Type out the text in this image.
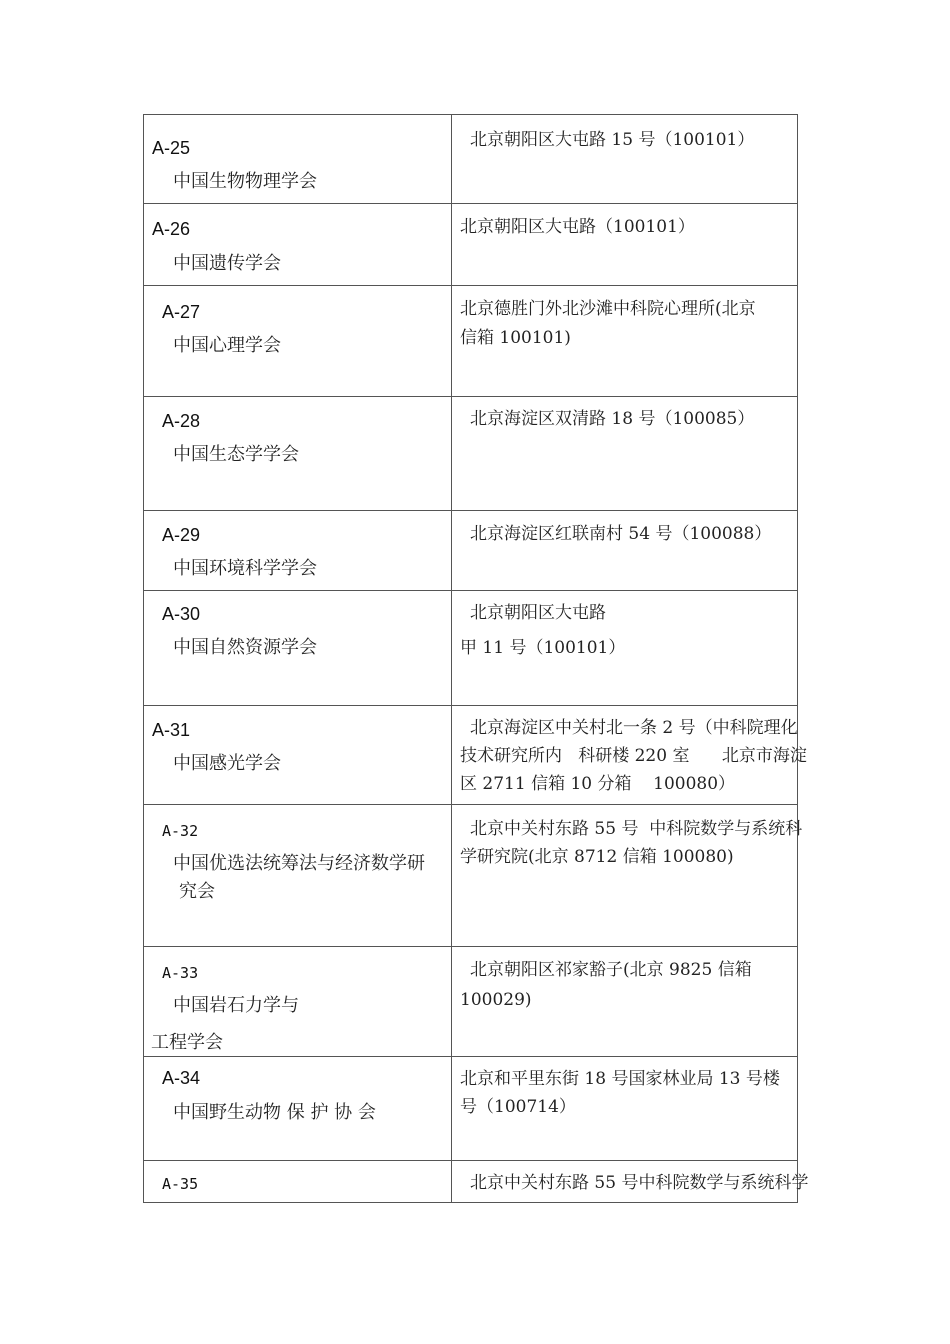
A-25
中国生物物理学会
北京朝阳区大屯路 15 号（100101）
A-26
中国遗传学会
北京朝阳区大屯路（100101）
A-27
中国心理学会
北京德胜门外北沙滩中科院心理所(北京
信箱 100101)
A-28
中国生态学学会
北京海淀区双清路 18 号（100085）
A-29
中国环境科学学会
北京海淀区红联南村 54 号（100088）
A-30
中国自然资源学会
北京朝阳区大屯路
甲 11 号（100101）
A-31
中国感光学会
北京海淀区中关村北一条 2 号（中科院理化
技术研究所内   科研楼 220 室      北京市海淀
区 2711 信箱 10 分箱    100080）
A-32
中国优选法统筹法与经济数学研
究会
北京中关村东路 55 号  中科院数学与系统科
学研究院(北京 8712 信箱 100080)
A-33
中国岩石力学与
工程学会
北京朝阳区祁家豁子(北京 9825 信箱
100029)
A-34
中国野生动物 保 护 协 会
北京和平里东街 18 号国家林业局 13 号楼
号（100714）
A-35	北京中关村东路 55 号中科院数学与系统科学
